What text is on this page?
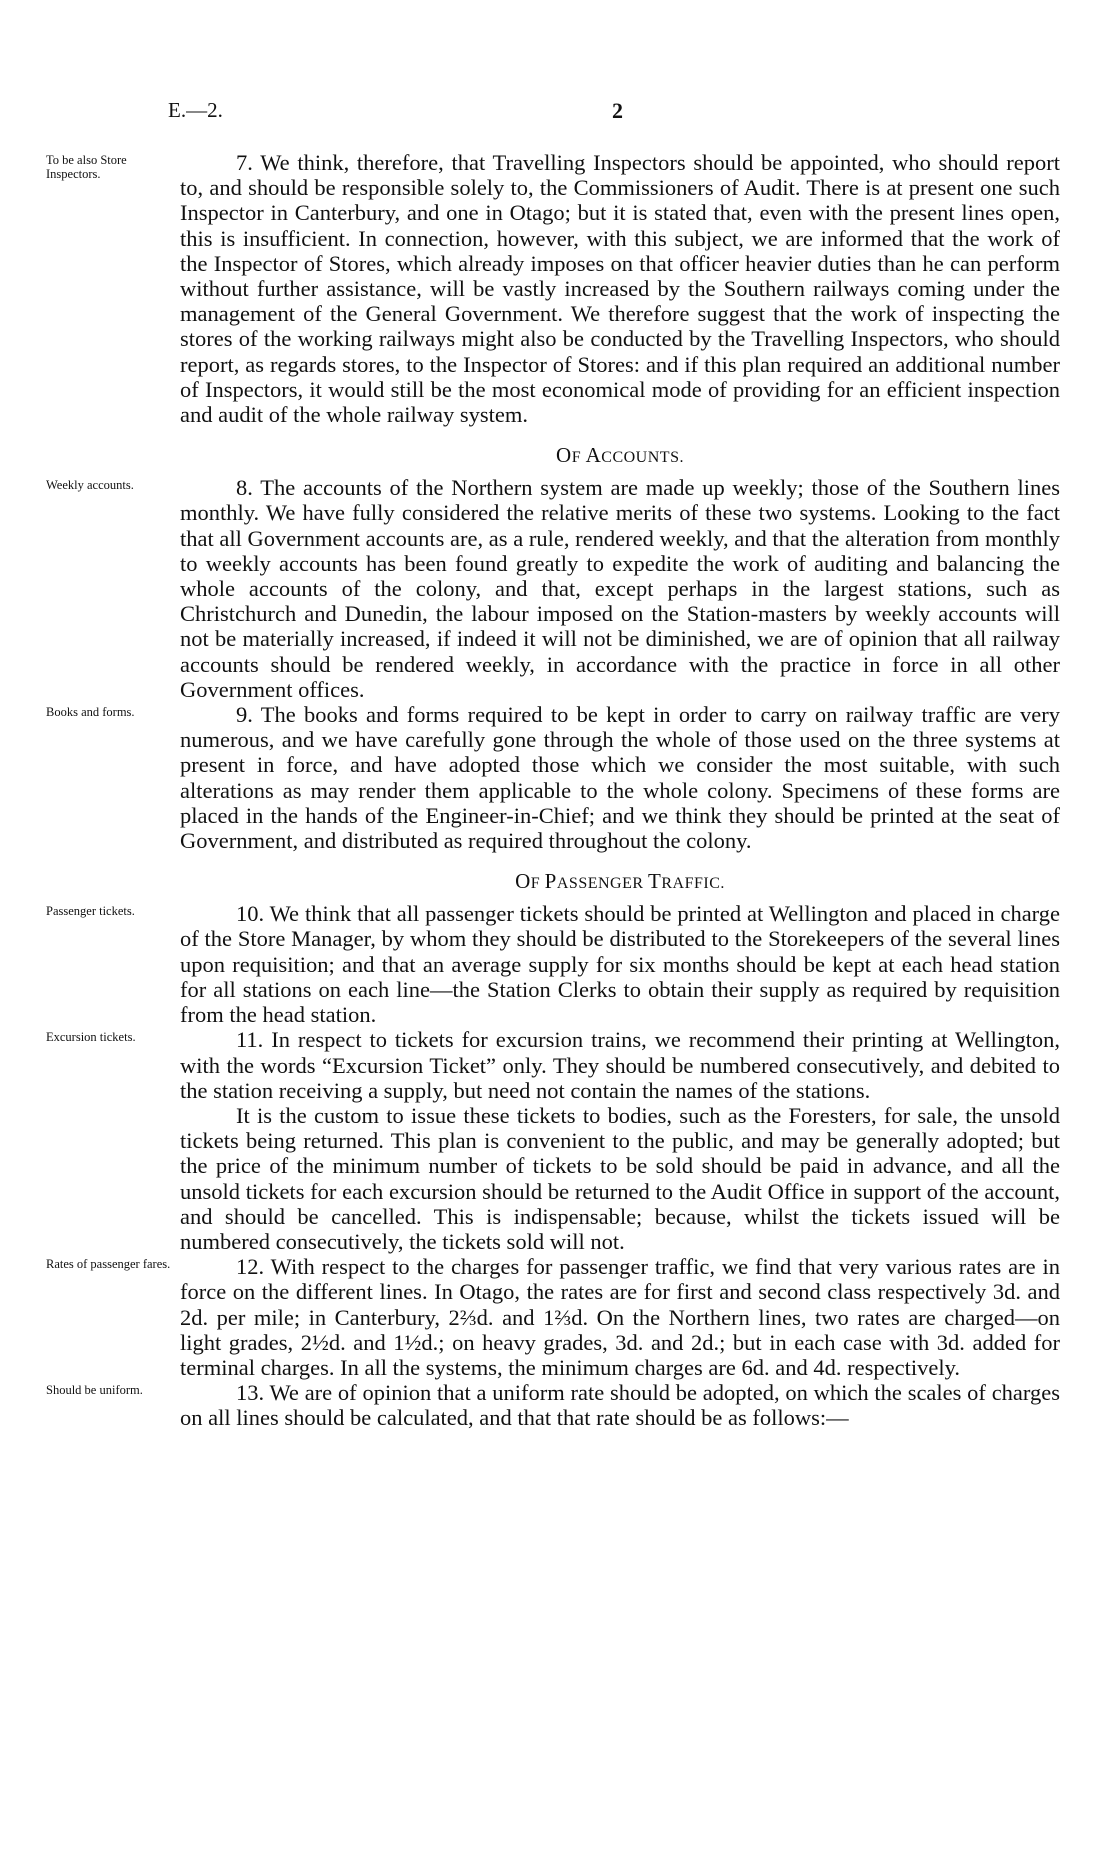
E.—2.	2

To be also Store Inspectors.	7. We think, therefore, that Travelling Inspectors should be appointed, who should report to, and should be responsible solely to, the Commissioners of Audit. There is at present one such Inspector in Canterbury, and one in Otago; but it is stated that, even with the present lines open, this is insufficient. In connection, however, with this subject, we are informed that the work of the Inspector of Stores, which already imposes on that officer heavier duties than he can perform without further assistance, will be vastly increased by the Southern railways coming under the management of the General Government. We therefore suggest that the work of inspecting the stores of the working railways might also be conducted by the Travelling Inspectors, who should report, as regards stores, to the Inspector of Stores: and if this plan required an additional number of Inspectors, it would still be the most economical mode of providing for an efficient inspection and audit of the whole railway system.

OF ACCOUNTS.

Weekly accounts.	8. The accounts of the Northern system are made up weekly; those of the Southern lines monthly. We have fully considered the relative merits of these two systems. Looking to the fact that all Government accounts are, as a rule, rendered weekly, and that the alteration from monthly to weekly accounts has been found greatly to expedite the work of auditing and balancing the whole accounts of the colony, and that, except perhaps in the largest stations, such as Christchurch and Dunedin, the labour imposed on the Station-masters by weekly accounts will not be materially increased, if indeed it will not be diminished, we are of opinion that all railway accounts should be rendered weekly, in accordance with the practice in force in all other Government offices.

Books and forms.	9. The books and forms required to be kept in order to carry on railway traffic are very numerous, and we have carefully gone through the whole of those used on the three systems at present in force, and have adopted those which we consider the most suitable, with such alterations as may render them applicable to the whole colony. Specimens of these forms are placed in the hands of the Engineer-in-Chief; and we think they should be printed at the seat of Government, and distributed as required throughout the colony.

OF PASSENGER TRAFFIC.

Passenger tickets.	10. We think that all passenger tickets should be printed at Wellington and placed in charge of the Store Manager, by whom they should be distributed to the Storekeepers of the several lines upon requisition; and that an average supply for six months should be kept at each head station for all stations on each line—the Station Clerks to obtain their supply as required by requisition from the head station.

Excursion tickets.	11. In respect to tickets for excursion trains, we recommend their printing at Wellington, with the words “Excursion Ticket” only. They should be numbered consecutively, and debited to the station receiving a supply, but need not contain the names of the stations.

It is the custom to issue these tickets to bodies, such as the Foresters, for sale, the unsold tickets being returned. This plan is convenient to the public, and may be generally adopted; but the price of the minimum number of tickets to be sold should be paid in advance, and all the unsold tickets for each excursion should be returned to the Audit Office in support of the account, and should be cancelled. This is indispensable; because, whilst the tickets issued will be numbered consecutively, the tickets sold will not.

Rates of passenger fares.	12. With respect to the charges for passenger traffic, we find that very various rates are in force on the different lines. In Otago, the rates are for first and second class respectively 3d. and 2d. per mile; in Canterbury, 2⅔d. and 1⅔d. On the Northern lines, two rates are charged—on light grades, 2½d. and 1½d.; on heavy grades, 3d. and 2d.; but in each case with 3d. added for terminal charges. In all the systems, the minimum charges are 6d. and 4d. respectively.

Should be uniform.	13. We are of opinion that a uniform rate should be adopted, on which the scales of charges on all lines should be calculated, and that that rate should be as follows:—
